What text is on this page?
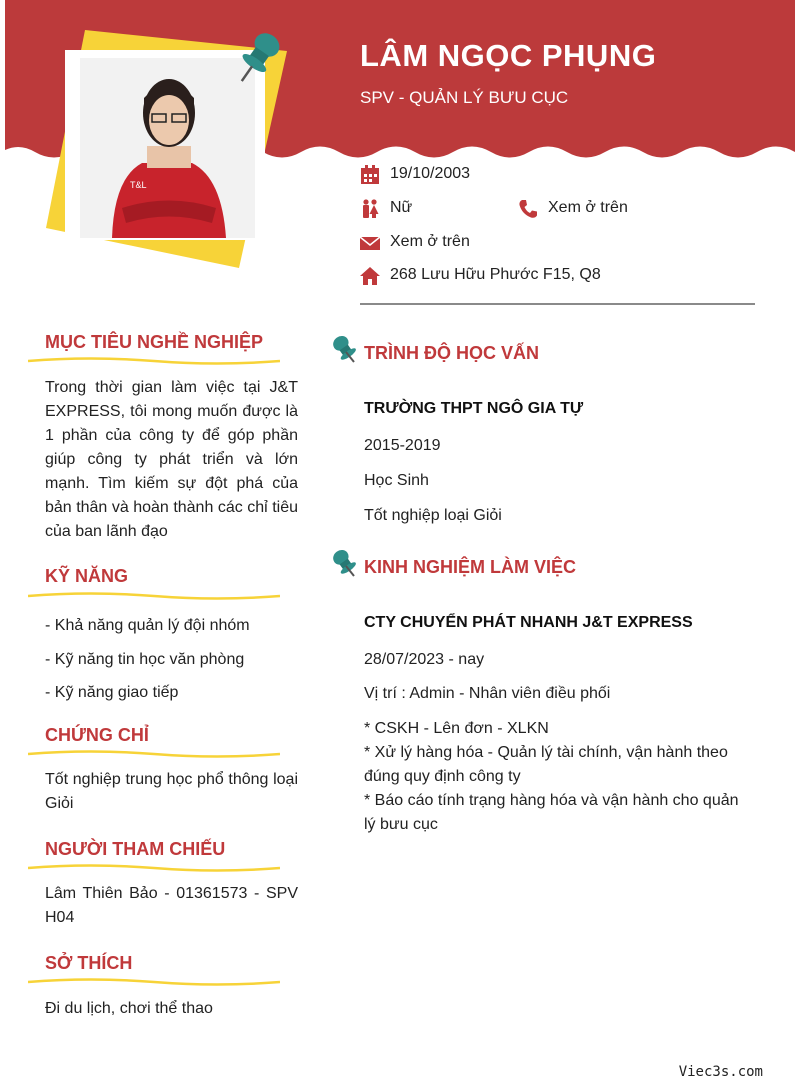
LÂM NGỌC PHỤNG
SPV - QUẢN LÝ BƯU CỤC
T&L
19/10/2003
Nữ	Xem ở trên
Xem ở trên
268 Lưu Hữu Phước F15, Q8
MỤC TIÊU NGHỀ NGHIỆP
Trong thời gian làm việc tại J&T EXPRESS, tôi mong muốn được là 1 phần của công ty để góp phần giúp công ty phát triển và lớn mạnh. Tìm kiếm sự đột phá của bản thân và hoàn thành các chỉ tiêu của ban lãnh đạo
KỸ NĂNG
- Khả năng quản lý đội nhóm
- Kỹ năng tin học văn phòng
- Kỹ năng giao tiếp
CHỨNG CHỈ
Tốt nghiệp trung học phổ thông loại Giỏi
NGƯỜI THAM CHIẾU
Lâm Thiên Bảo - 01361573 - SPV H04
SỞ THÍCH
Đi du lịch, chơi thể thao
TRÌNH ĐỘ HỌC VẤN
TRƯỜNG THPT NGÔ GIA TỰ
2015-2019
Học Sinh
Tốt nghiệp loại Giỏi
KINH NGHIỆM LÀM VIỆC
CTY CHUYỂN PHÁT NHANH J&T EXPRESS
28/07/2023 - nay
Vị trí : Admin - Nhân viên điều phối
* CSKH - Lên đơn - XLKN
* Xử lý hàng hóa - Quản lý tài chính, vận hành theo đúng quy định công ty
* Báo cáo tính trạng hàng hóa và vận hành cho quản lý bưu cục
Viec3s.com
